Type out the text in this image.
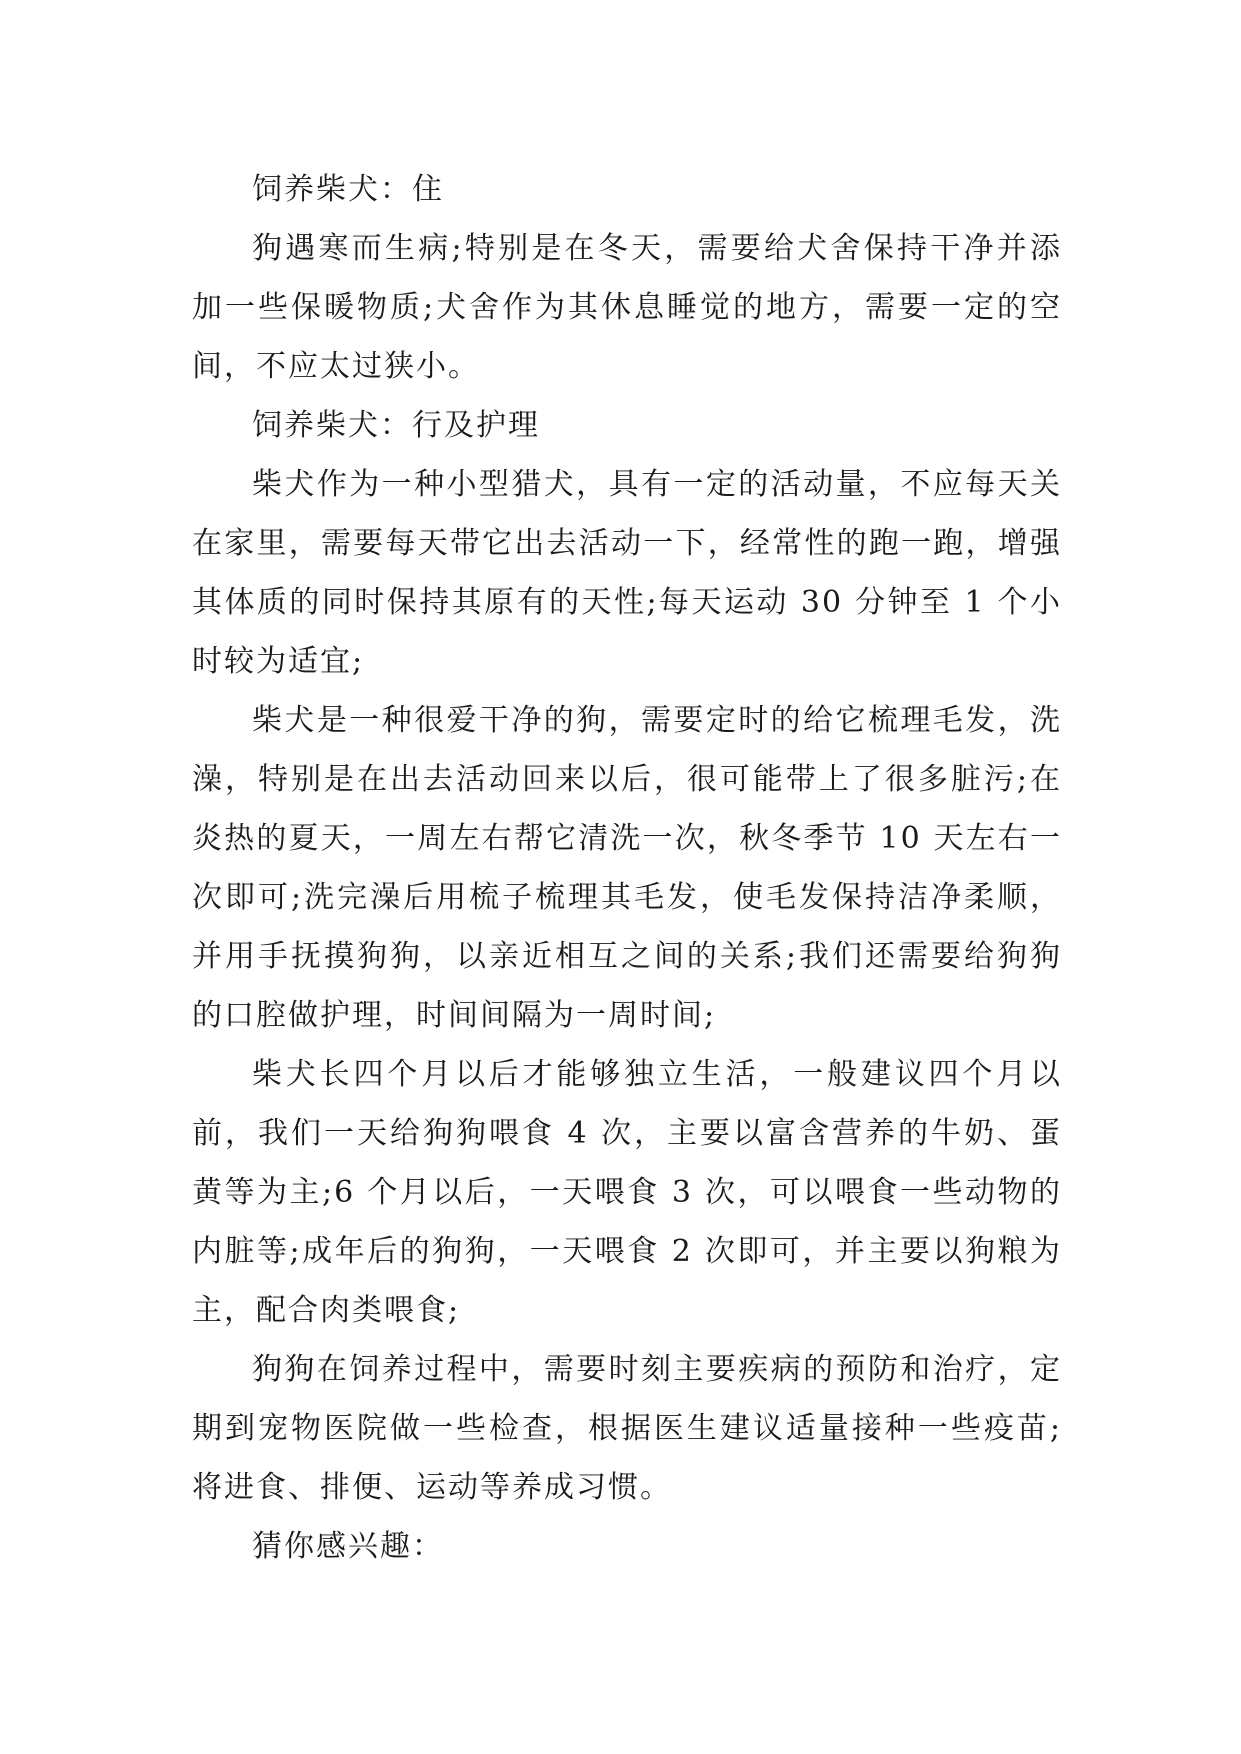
饲养柴犬：住

狗遇寒而生病;特别是在冬天，需要给犬舍保持干净并添加一些保暖物质;犬舍作为其休息睡觉的地方，需要一定的空间，不应太过狭小。

饲养柴犬：行及护理

柴犬作为一种小型猎犬，具有一定的活动量，不应每天关在家里，需要每天带它出去活动一下，经常性的跑一跑，增强其体质的同时保持其原有的天性;每天运动 30 分钟至 1 个小时较为适宜;

柴犬是一种很爱干净的狗，需要定时的给它梳理毛发，洗澡，特别是在出去活动回来以后，很可能带上了很多脏污;在炎热的夏天，一周左右帮它清洗一次，秋冬季节 10 天左右一次即可;洗完澡后用梳子梳理其毛发，使毛发保持洁净柔顺，并用手抚摸狗狗，以亲近相互之间的关系;我们还需要给狗狗的口腔做护理，时间间隔为一周时间;

柴犬长四个月以后才能够独立生活，一般建议四个月以前，我们一天给狗狗喂食 4 次，主要以富含营养的牛奶、蛋黄等为主;6 个月以后，一天喂食 3 次，可以喂食一些动物的内脏等;成年后的狗狗，一天喂食 2 次即可，并主要以狗粮为主，配合肉类喂食;

狗狗在饲养过程中，需要时刻主要疾病的预防和治疗，定期到宠物医院做一些检查，根据医生建议适量接种一些疫苗;将进食、排便、运动等养成习惯。

猜你感兴趣：
